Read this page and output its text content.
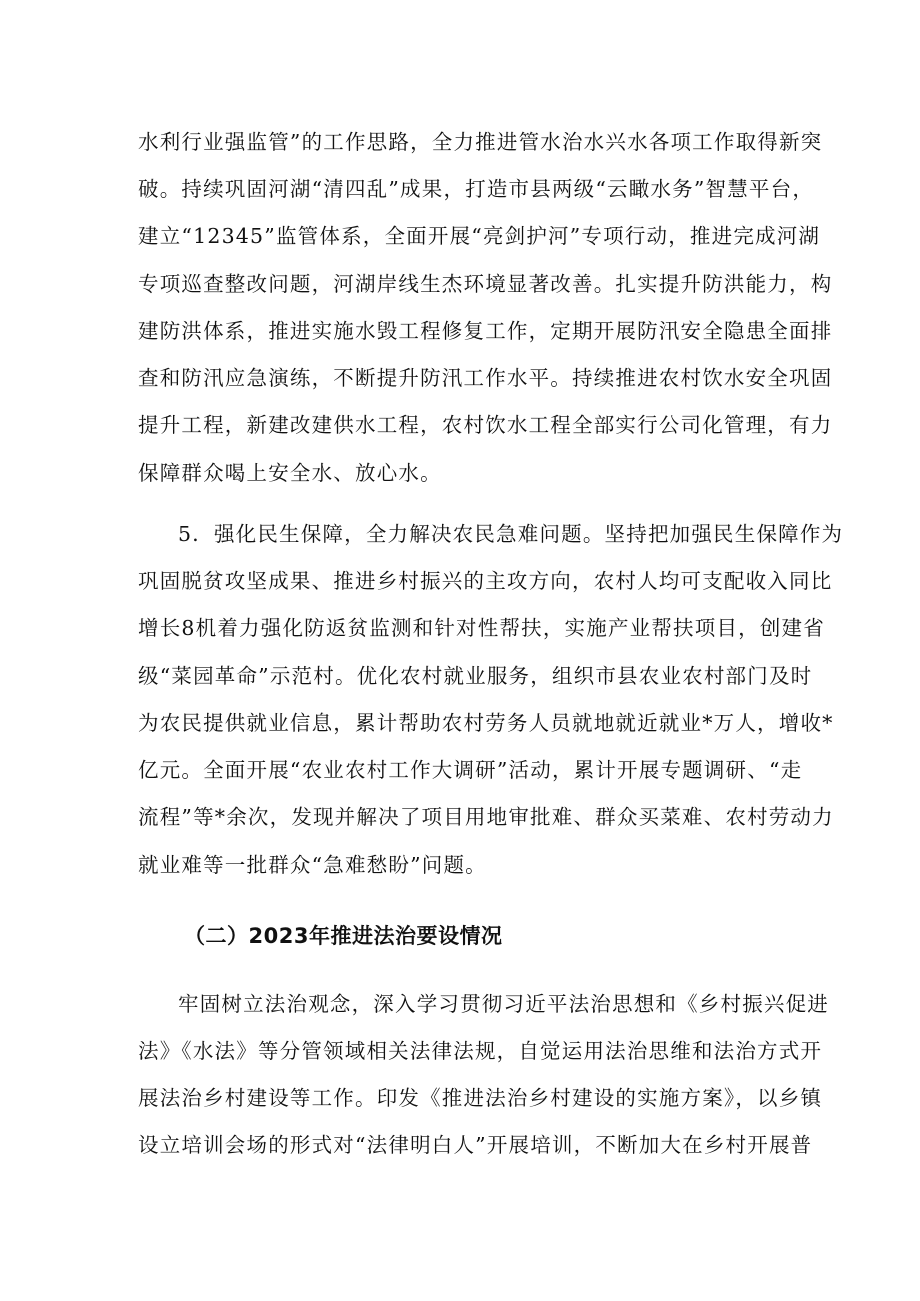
水利行业强监管”的工作思路，全力推进管水治水兴水各项工作取得新突
破。持续巩固河湖“清四乱”成果，打造市县两级“云瞰水务”智慧平台，
建立“12345”监管体系，全面开展“亮剑护河”专项行动，推进完成河湖
专项巡查整改问题，河湖岸线生杰环境显著改善。扎实提升防洪能力，构
建防洪体系，推进实施水毁工程修复工作，定期开展防汛安全隐患全面排
查和防汛应急演练，不断提升防汛工作水平。持续推进农村饮水安全巩固
提升工程，新建改建供水工程，农村饮水工程全部实行公司化管理，有力
保障群众喝上安全水、放心水。
5．强化民生保障，全力解决农民急难问题。坚持把加强民生保障作为
巩固脱贫攻坚成果、推进乡村振兴的主攻方向，农村人均可支配收入同比
增长8机着力强化防返贫监测和针对性帮扶，实施产业帮扶项目，创建省
级“菜园革命”示范村。优化农村就业服务，组织市县农业农村部门及时
为农民提供就业信息，累计帮助农村劳务人员就地就近就业*万人，增收*
亿元。全面开展“农业农村工作大调研”活动，累计开展专题调研、“走
流程”等*余次，发现并解决了项目用地审批难、群众买菜难、农村劳动力
就业难等一批群众“急难愁盼”问题。
（二）2023年推进法治要设情况
牢固树立法治观念，深入学习贯彻习近平法治思想和《乡村振兴促进
法》《水法》等分管领域相关法律法规，自觉运用法治思维和法治方式开
展法治乡村建设等工作。印发《推进法治乡村建设的实施方案》，以乡镇
设立培训会场的形式对“法律明白人”开展培训，不断加大在乡村开展普
